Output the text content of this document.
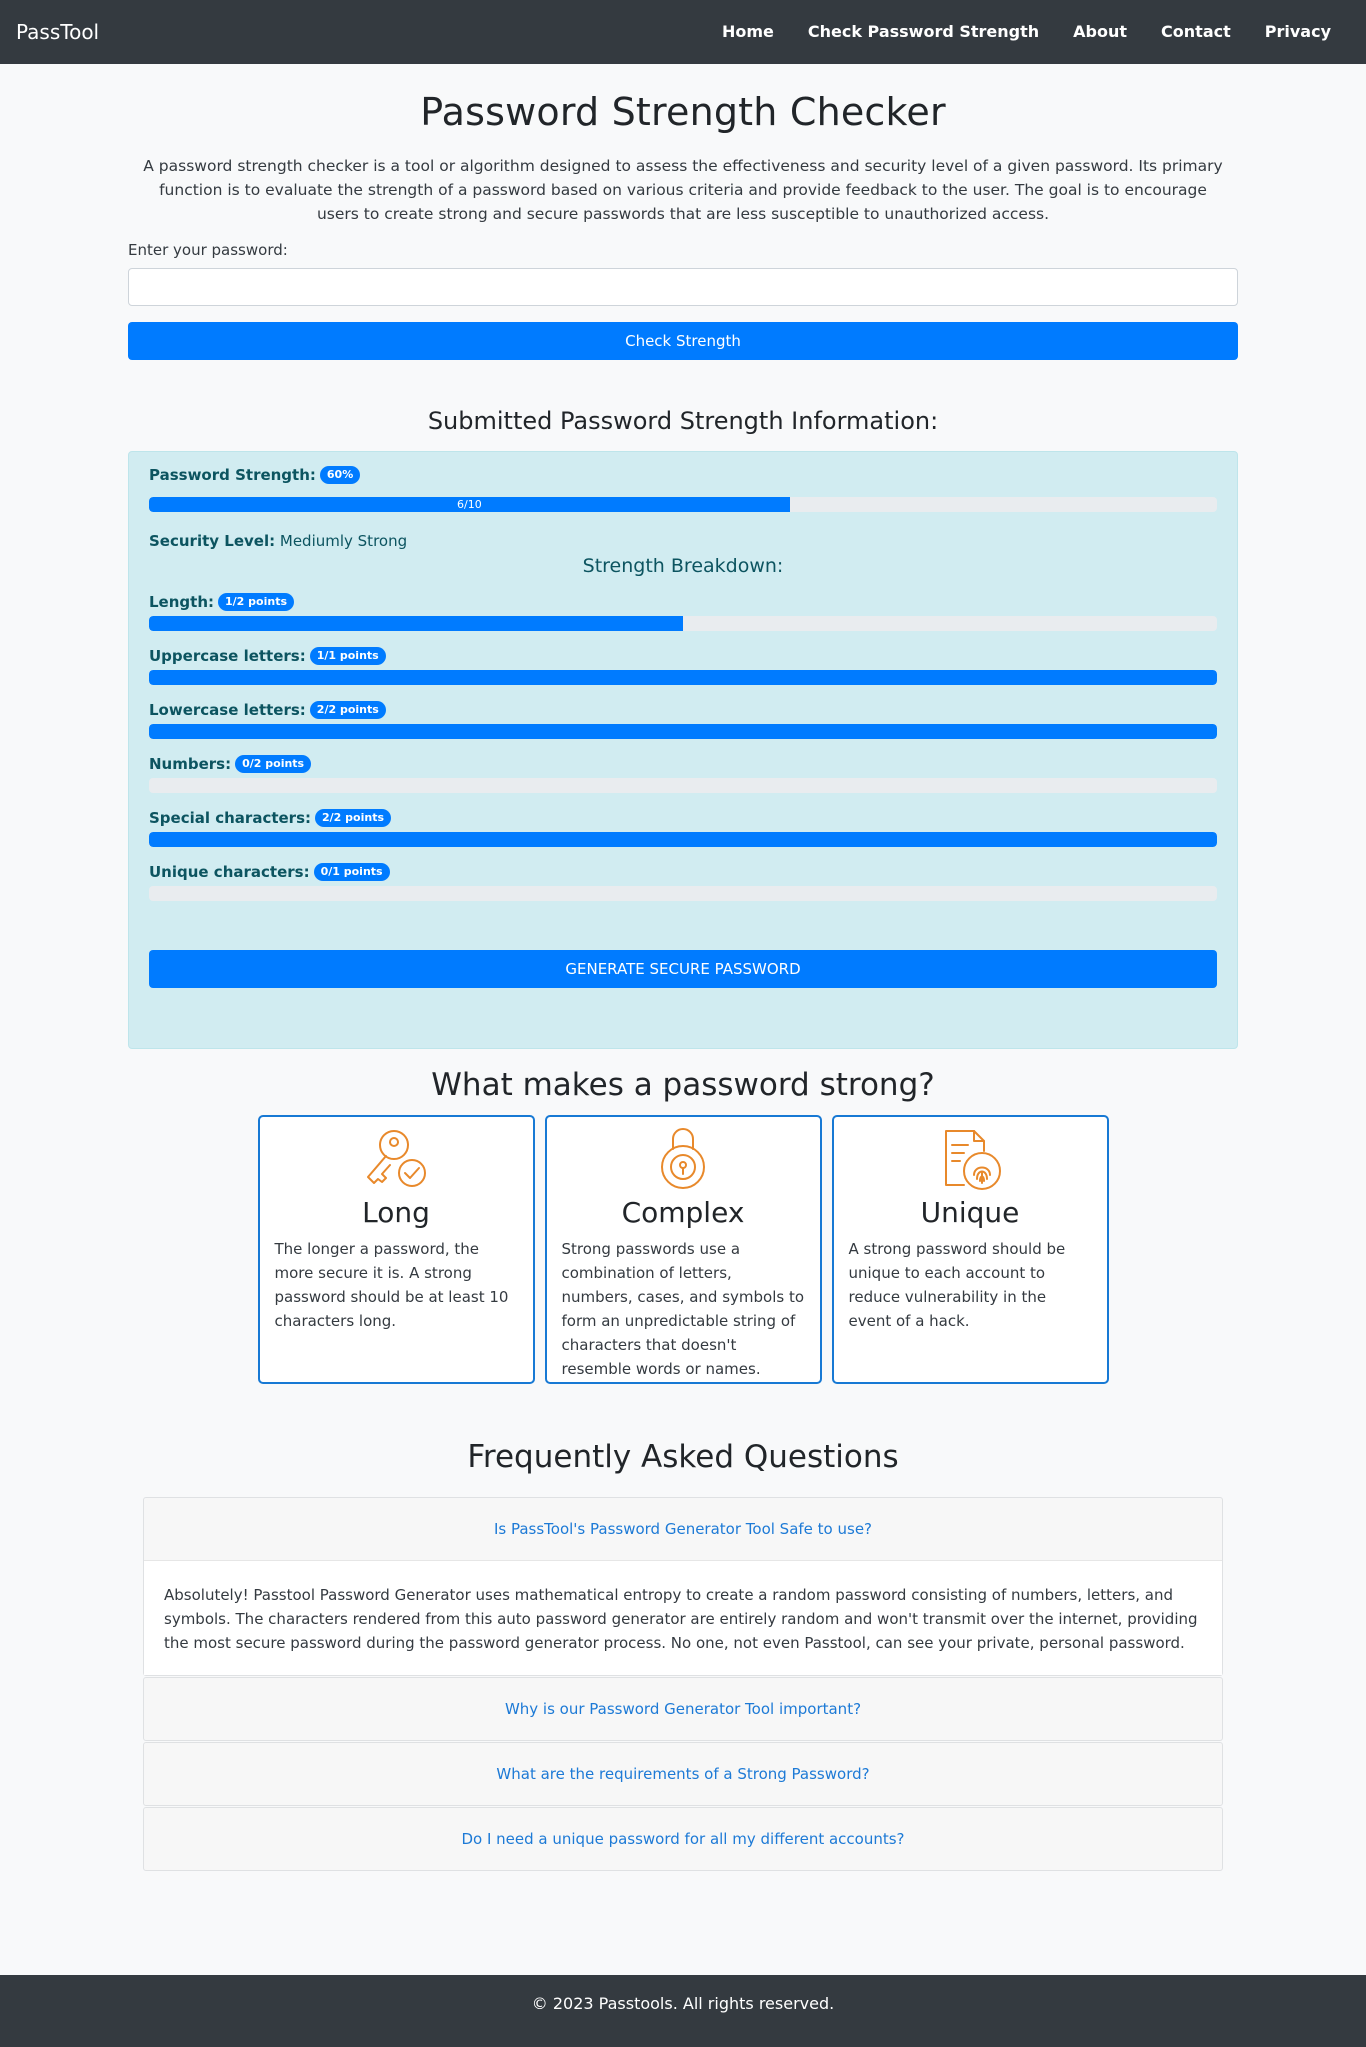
PassTool	Home	Check Password Strength	About	Contact	Privacy
Password Strength Checker

A password strength checker is a tool or algorithm designed to assess the effectiveness and security level of a given password. Its primary function is to evaluate the strength of a password based on various criteria and provide feedback to the user. The goal is to encourage users to create strong and secure passwords that are less susceptible to unauthorized access.

Enter your password:
Check Strength
Submitted Password Strength Information:
Password Strength:	60%
6/10
Security Level: Mediumly Strong
Strength Breakdown:
Length:	1/2 points
Uppercase letters:	1/1 points
Lowercase letters:	2/2 points
Numbers:	0/2 points
Special characters:	2/2 points
Unique characters:	0/1 points
GENERATE SECURE PASSWORD
What makes a password strong?
Long

The longer a password, the more secure it is. A strong password should be at least 10 characters long.

Complex

Strong passwords use a combination of letters, numbers, cases, and symbols to form an unpredictable string of characters that doesn't resemble words or names.

Unique

A strong password should be unique to each account to reduce vulnerability in the event of a hack.

Frequently Asked Questions
Is PassTool's Password Generator Tool Safe to use?
Absolutely! Passtool Password Generator uses mathematical entropy to create a random password consisting of numbers, letters, and symbols. The characters rendered from this auto password generator are entirely random and won't transmit over the internet, providing the most secure password during the password generator process. No one, not even Passtool, can see your private, personal password.
Why is our Password Generator Tool important?
What are the requirements of a Strong Password?
Do I need a unique password for all my different accounts?
© 2023 Passtools. All rights reserved.
